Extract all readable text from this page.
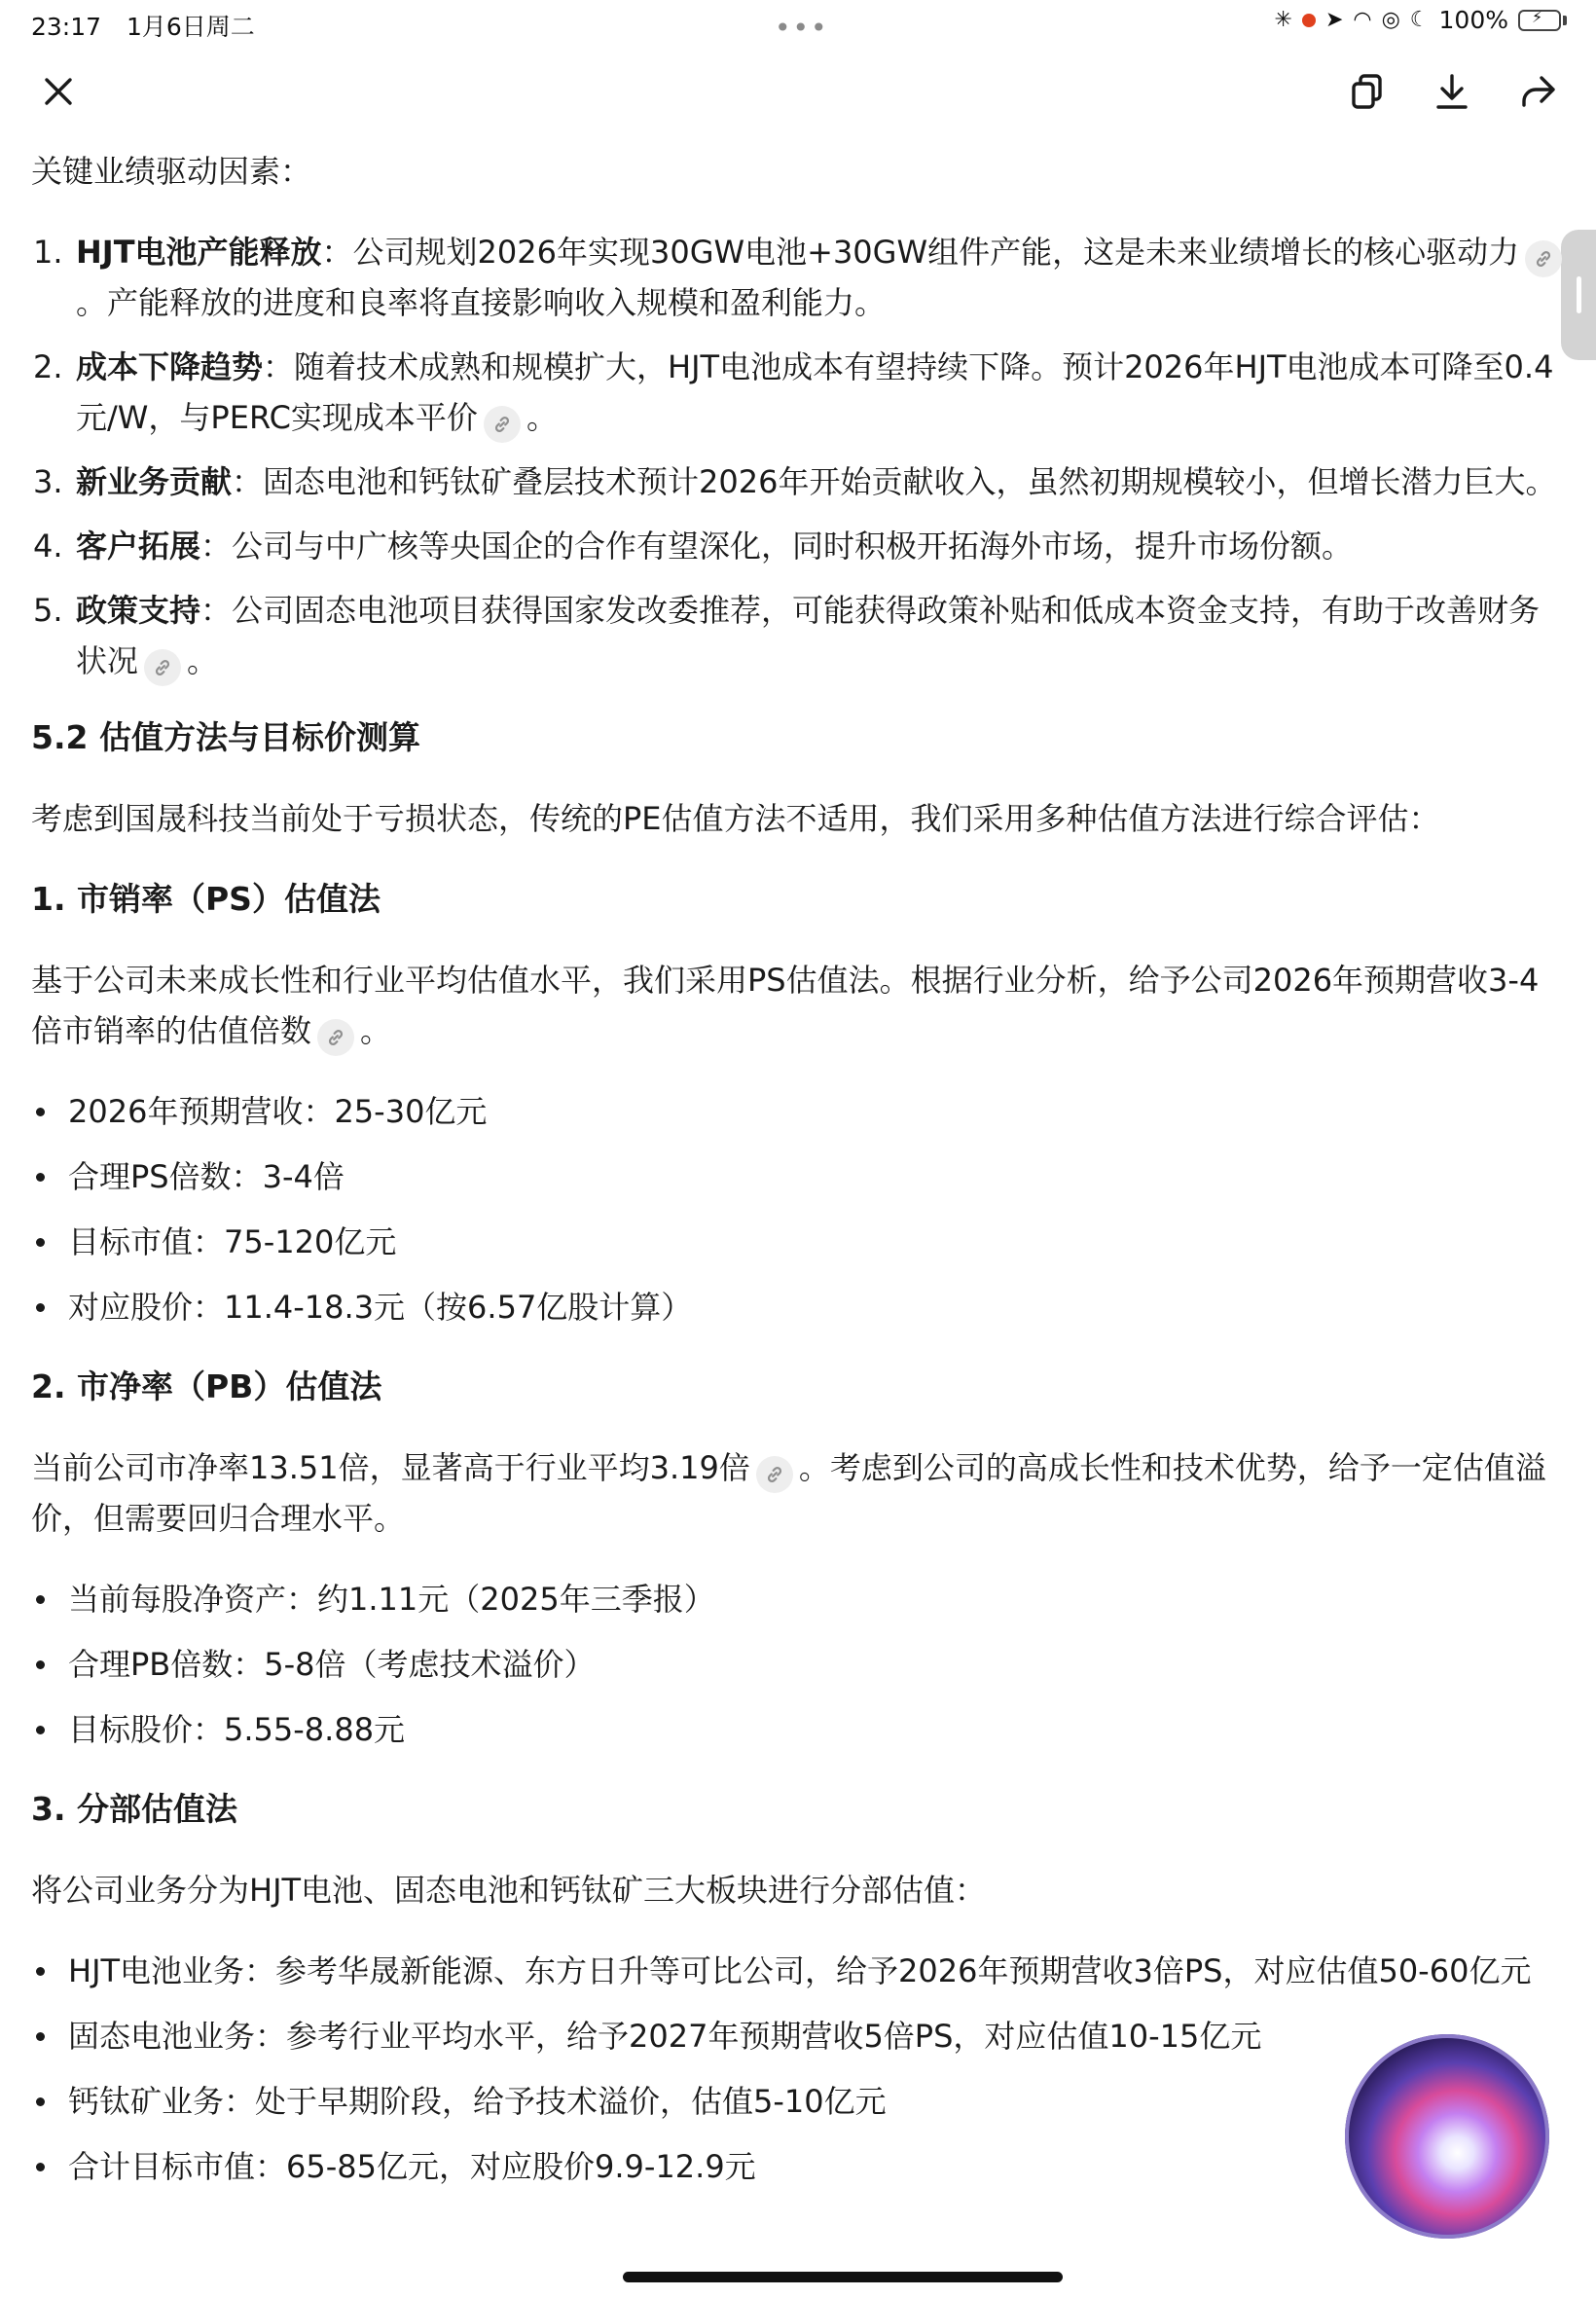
23:17 1月6日周二	•••	✳ ➤ ◠ ◎ ☾ 100%

关键业绩驱动因素：

1. HJT电池产能释放：公司规划2026年实现30GW电池+30GW组件产能，这是未来业绩增长的核心驱动力
。产能释放的进度和良率将直接影响收入规模和盈利能力。
2. 成本下降趋势：随着技术成熟和规模扩大，HJT电池成本有望持续下降。预计2026年HJT电池成本可降至0.4元/W，与PERC实现成本平价 。
3. 新业务贡献：固态电池和钙钛矿叠层技术预计2026年开始贡献收入，虽然初期规模较小，但增长潜力巨大。
4. 客户拓展：公司与中广核等央国企的合作有望深化，同时积极开拓海外市场，提升市场份额。
5. 政策支持：公司固态电池项目获得国家发改委推荐，可能获得政策补贴和低成本资金支持，有助于改善财务状况 。

5.2 估值方法与目标价测算

考虑到国晟科技当前处于亏损状态，传统的PE估值方法不适用，我们采用多种估值方法进行综合评估：

1. 市销率（PS）估值法

基于公司未来成长性和行业平均估值水平，我们采用PS估值法。根据行业分析，给予公司2026年预期营收3-4倍市销率的估值倍数 。

2026年预期营收：25-30亿元
合理PS倍数：3-4倍
目标市值：75-120亿元
对应股价：11.4-18.3元（按6.57亿股计算）

2. 市净率（PB）估值法

当前公司市净率13.51倍，显著高于行业平均3.19倍 。考虑到公司的高成长性和技术优势，给予一定估值溢价，但需要回归合理水平。

当前每股净资产：约1.11元（2025年三季报）
合理PB倍数：5-8倍（考虑技术溢价）
目标股价：5.55-8.88元

3. 分部估值法

将公司业务分为HJT电池、固态电池和钙钛矿三大板块进行分部估值：

HJT电池业务：参考华晟新能源、东方日升等可比公司，给予2026年预期营收3倍PS，对应估值50-60亿元
固态电池业务：参考行业平均水平，给予2027年预期营收5倍PS，对应估值10-15亿元
钙钛矿业务：处于早期阶段，给予技术溢价，估值5-10亿元
合计目标市值：65-85亿元，对应股价9.9-12.9元
